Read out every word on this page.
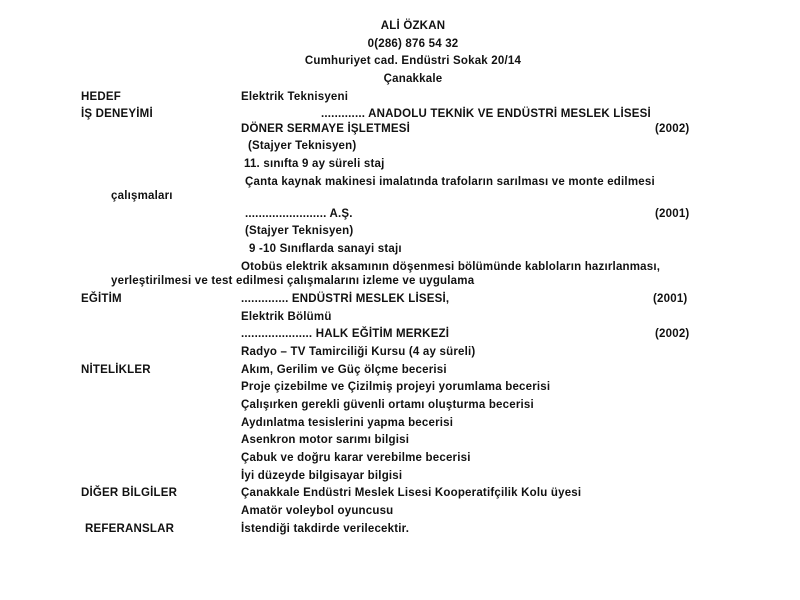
ALİ ÖZKAN
0(286) 876 54 32
Cumhuriyet cad. Endüstri Sokak 20/14
Çanakkale
HEDEF	Elektrik Teknisyeni
İŞ DENEYİMİ	............. ANADOLU TEKNİK VE ENDÜSTRİ MESLEK LİSESİ
DÖNER SERMAYE İŞLETMESİ	(2002)
(Stajyer Teknisyen)
11. sınıfta 9 ay süreli staj
Çanta kaynak makinesi imalatında trafoların sarılması ve monte edilmesi
çalışmaları
........................ A.Ş.	(2001)
(Stajyer Teknisyen)
9 -10 Sınıflarda sanayi stajı
Otobüs elektrik aksamının döşenmesi bölümünde kabloların hazırlanması,
yerleştirilmesi ve test edilmesi çalışmalarını izleme ve uygulama
EĞİTİM	.............. ENDÜSTRİ MESLEK LİSESİ,	(2001)
Elektrik Bölümü
..................... HALK EĞİTİM MERKEZİ	(2002)
Radyo – TV Tamirciliği Kursu (4 ay süreli)
NİTELİKLER	Akım, Gerilim ve Güç ölçme becerisi
Proje çizebilme ve Çizilmiş projeyi yorumlama becerisi
Çalışırken gerekli güvenli ortamı oluşturma becerisi
Aydınlatma tesislerini yapma becerisi
Asenkron motor sarımı bilgisi
Çabuk ve doğru karar verebilme becerisi
İyi düzeyde bilgisayar bilgisi
DİĞER BİLGİLER	Çanakkale Endüstri Meslek Lisesi Kooperatifçilik Kolu üyesi
Amatör voleybol oyuncusu
REFERANSLAR	İstendiği takdirde verilecektir.
